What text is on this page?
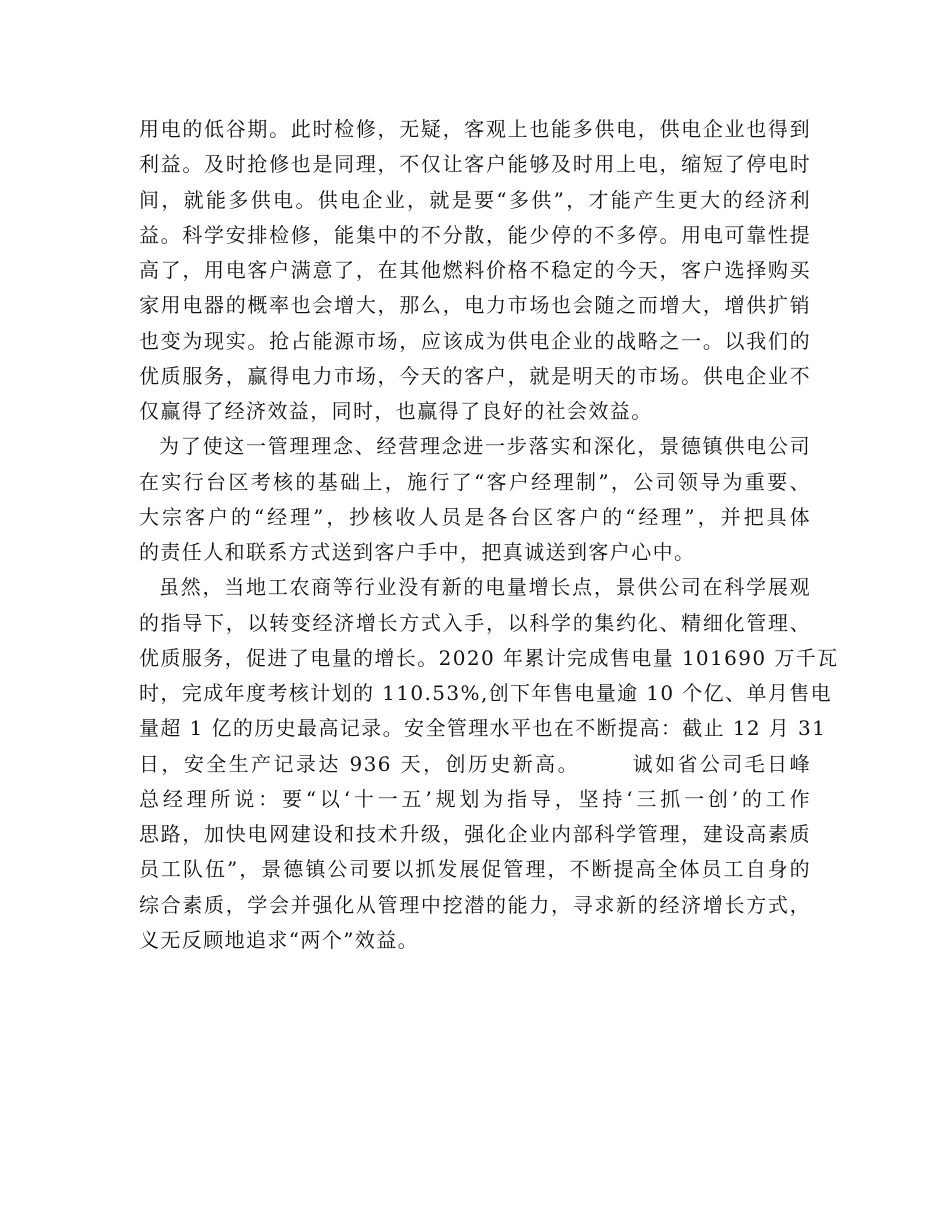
用电的低谷期。此时检修，无疑，客观上也能多供电，供电企业也得到
利益。及时抢修也是同理，不仅让客户能够及时用上电，缩短了停电时
间，就能多供电。供电企业，就是要“多供”，才能产生更大的经济利
益。科学安排检修，能集中的不分散，能少停的不多停。用电可靠性提
高了，用电客户满意了，在其他燃料价格不稳定的今天，客户选择购买
家用电器的概率也会增大，那么，电力市场也会随之而增大，增供扩销
也变为现实。抢占能源市场，应该成为供电企业的战略之一。以我们的
优质服务，赢得电力市场，今天的客户，就是明天的市场。供电企业不
仅赢得了经济效益，同时，也赢得了良好的社会效益。
为了使这一管理理念、经营理念进一步落实和深化，景德镇供电公司
在实行台区考核的基础上，施行了“客户经理制”，公司领导为重要、
大宗客户的“经理”，抄核收人员是各台区客户的“经理”，并把具体
的责任人和联系方式送到客户手中，把真诚送到客户心中。
虽然，当地工农商等行业没有新的电量增长点，景供公司在科学展观
的指导下，以转变经济增长方式入手，以科学的集约化、精细化管理、
优质服务，促进了电量的增长。2020 年累计完成售电量 101690 万千瓦
时，完成年度考核计划的 110.53%,创下年售电量逾 10 个亿、单月售电
量超 1 亿的历史最高记录。安全管理水平也在不断提高：截止 12 月 31
日，安全生产记录达 936 天，创历史新高。      诚如省公司毛日峰
总经理所说：要“以‘十一五’规划为指导，坚持‘三抓一创’的工作
思路，加快电网建设和技术升级，强化企业内部科学管理，建设高素质
员工队伍”，景德镇公司要以抓发展促管理，不断提高全体员工自身的
综合素质，学会并强化从管理中挖潜的能力，寻求新的经济增长方式，
义无反顾地追求“两个”效益。
